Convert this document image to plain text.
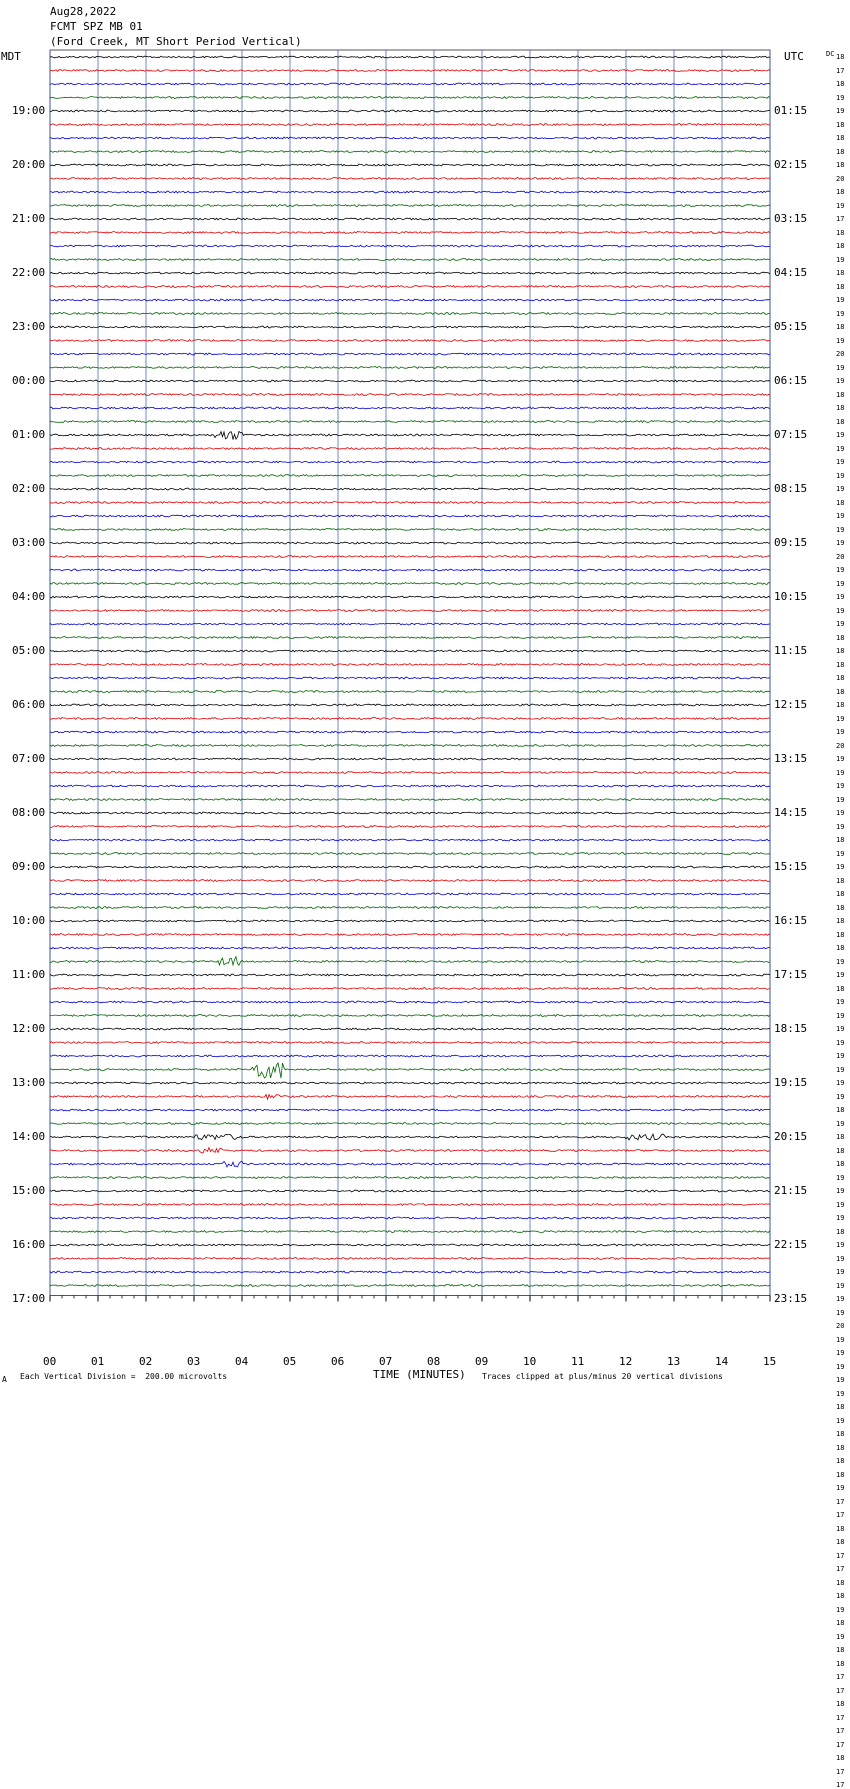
Aug28,2022
FCMT SPZ MB 01
(Ford Creek, MT Short Period Vertical)
MDT	UTC	DC
19:00
20:00
21:00
22:00
23:00
00:00
01:00
02:00
03:00
04:00
05:00
06:00
07:00
08:00
09:00
10:00
11:00
12:00
13:00
14:00
15:00
16:00
17:00
01:15
02:15
03:15
04:15
05:15
06:15
07:15
08:15
09:15
10:15
11:15
12:15
13:15
14:15
15:15
16:15
17:15
18:15
19:15
20:15
21:15
22:15
23:15
18
17
18
19
19
18
18
18
18
20
18
19
17
18
18
19
18
18
19
19
18
19
20
19
19
18
18
18
19
19
19
19
19
18
19
19
19
20
19
19
19
19
19
18
18
18
18
18
18
19
19
20
19
19
19
19
19
19
18
19
19
18
18
18
18
18
18
19
19
18
19
19
19
19
19
19
19
19
18
19
18
18
18
19
19
19
19
18
19
19
19
19
19
19
20
19
19
19
19
19
18
19
18
18
18
18
19
17
17
18
18
17
17
18
18
19
18
19
18
18
17
17
18
17
17
17
18
17
17
00	01	02	03	04	05	06	07	08	09	10	11	12	13	14	15
TIME (MINUTES)
Each Vertical Division =  200.00 microvolts	Traces clipped at plus/minus 20 vertical divisions
A
